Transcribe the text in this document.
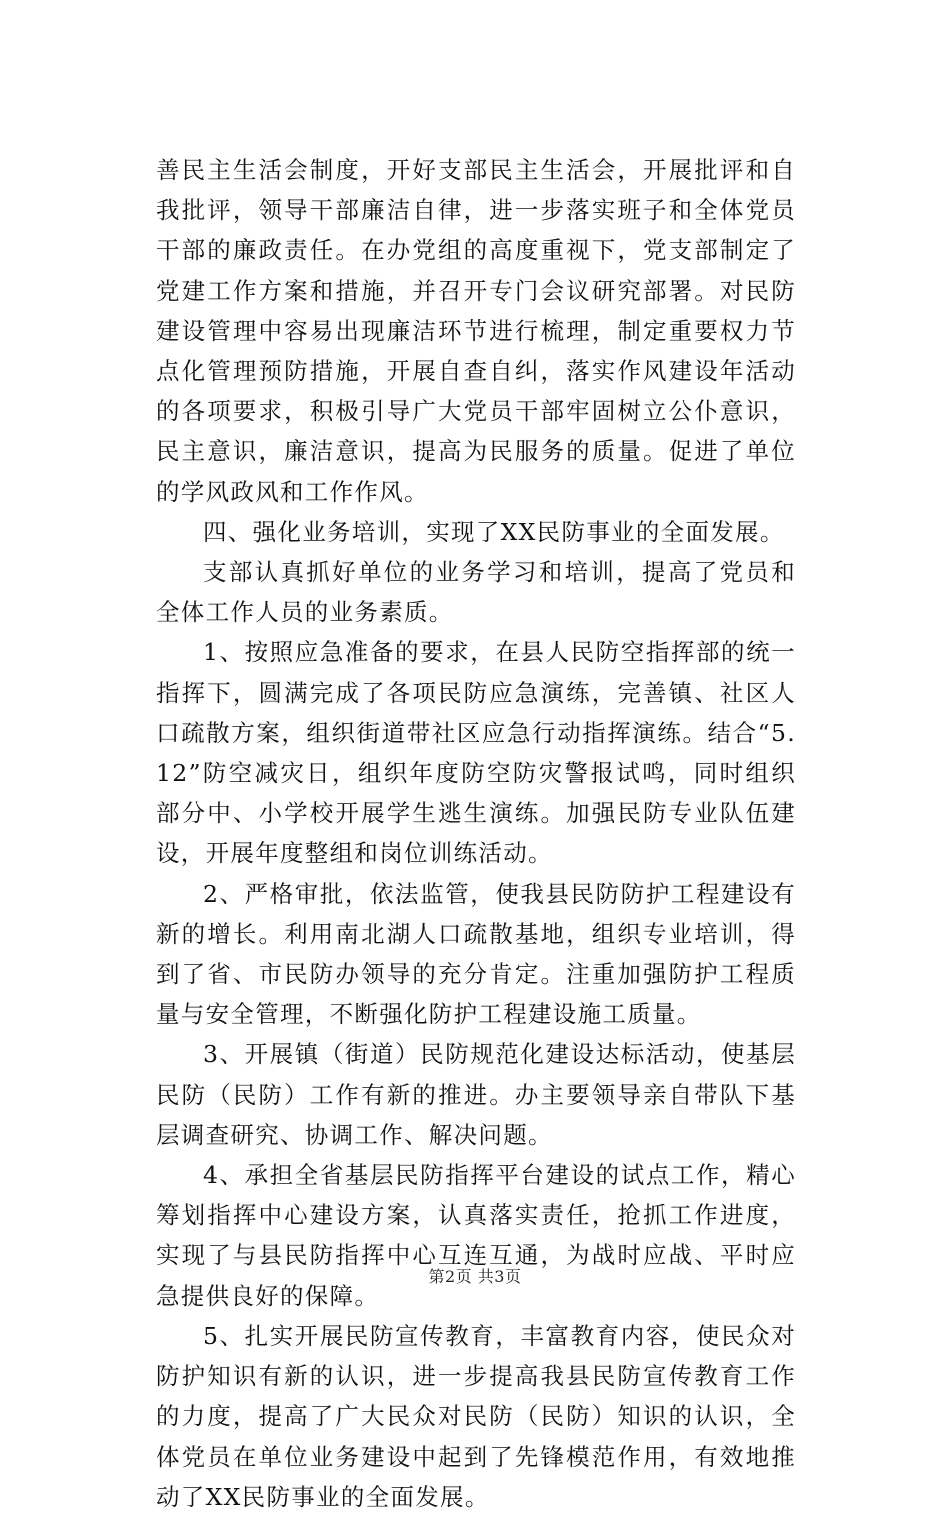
善民主生活会制度，开好支部民主生活会，开展批评和自我批评，领导干部廉洁自律，进一步落实班子和全体党员干部的廉政责任。在办党组的高度重视下，党支部制定了党建工作方案和措施，并召开专门会议研究部署。对民防建设管理中容易出现廉洁环节进行梳理，制定重要权力节点化管理预防措施，开展自查自纠，落实作风建设年活动的各项要求，积极引导广大党员干部牢固树立公仆意识，民主意识，廉洁意识，提高为民服务的质量。促进了单位的学风政风和工作作风。

四、强化业务培训，实现了XX民防事业的全面发展。

支部认真抓好单位的业务学习和培训，提高了党员和全体工作人员的业务素质。

1、按照应急准备的要求，在县人民防空指挥部的统一指挥下，圆满完成了各项民防应急演练，完善镇、社区人口疏散方案，组织街道带社区应急行动指挥演练。结合“5.12”防空减灾日，组织年度防空防灾警报试鸣，同时组织部分中、小学校开展学生逃生演练。加强民防专业队伍建设，开展年度整组和岗位训练活动。

2、严格审批，依法监管，使我县民防防护工程建设有新的增长。利用南北湖人口疏散基地，组织专业培训，得到了省、市民防办领导的充分肯定。注重加强防护工程质量与安全管理，不断强化防护工程建设施工质量。

3、开展镇（街道）民防规范化建设达标活动，使基层民防（民防）工作有新的推进。办主要领导亲自带队下基层调查研究、协调工作、解决问题。

4、承担全省基层民防指挥平台建设的试点工作，精心筹划指挥中心建设方案，认真落实责任，抢抓工作进度，实现了与县民防指挥中心互连互通，为战时应战、平时应急提供良好的保障。

5、扎实开展民防宣传教育，丰富教育内容，使民众对防护知识有新的认识，进一步提高我县民防宣传教育工作的力度，提高了广大民众对民防（民防）知识的认识，全体党员在单位业务建设中起到了先锋模范作用，有效地推动了XX民防事业的全面发展。

第2页 共3页
